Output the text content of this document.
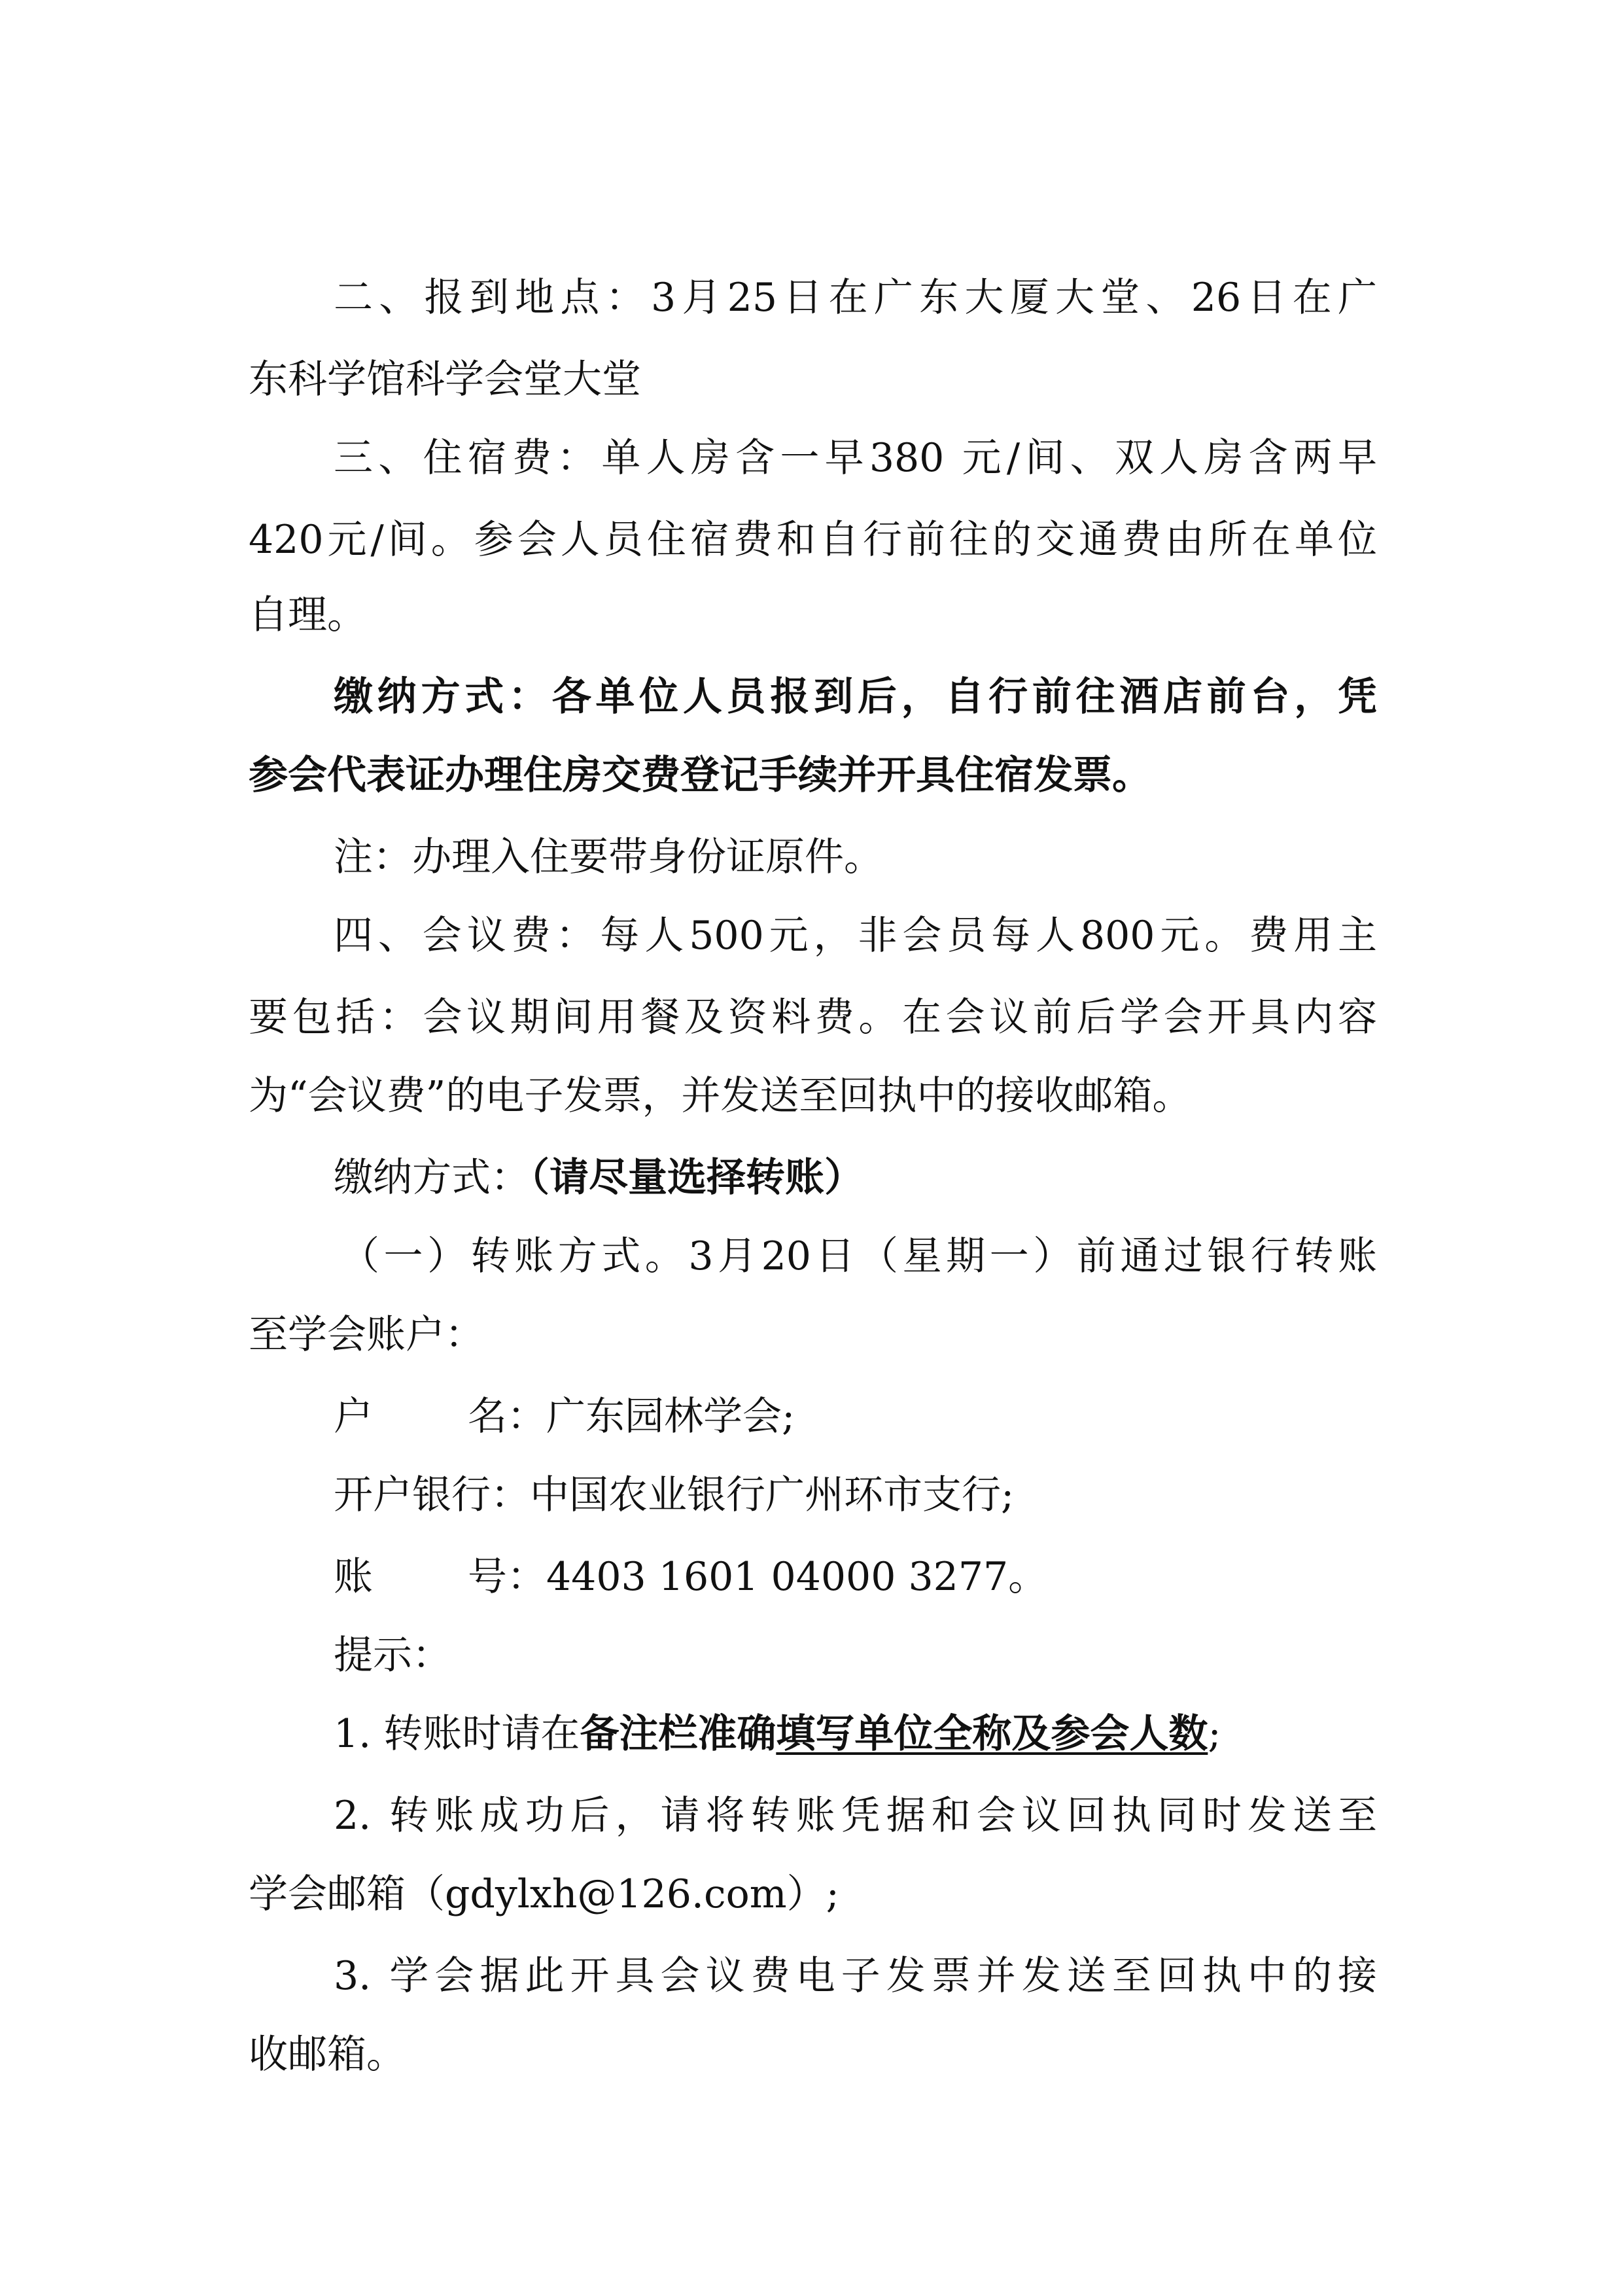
二、报到地点：3月25日在广东大厦大堂、26日在广
东科学馆科学会堂大堂
三、住宿费：单人房含一早380 元/间、双人房含两早
420元/间。参会人员住宿费和自行前往的交通费由所在单位
自理。
缴纳方式：各单位人员报到后，自行前往酒店前台，凭
参会代表证办理住房交费登记手续并开具住宿发票。
注：办理入住要带身份证原件。
四、会议费：每人500元，非会员每人800元。费用主
要包括：会议期间用餐及资料费。在会议前后学会开具内容
为“会议费”的电子发票，并发送至回执中的接收邮箱。
缴纳方式：（请尽量选择转账）
（一）转账方式。3月20日（星期一）前通过银行转账
至学会账户：
户 名：广东园林学会;
开户银行：中国农业银行广州环市支行;
账 号：4403 1601 04000 3277。
提示：
1. 转账时请在备注栏准确填写单位全称及参会人数;
2. 转账成功后，请将转账凭据和会议回执同时发送至
学会邮箱（gdylxh@126.com）;
3. 学会据此开具会议费电子发票并发送至回执中的接
收邮箱。
